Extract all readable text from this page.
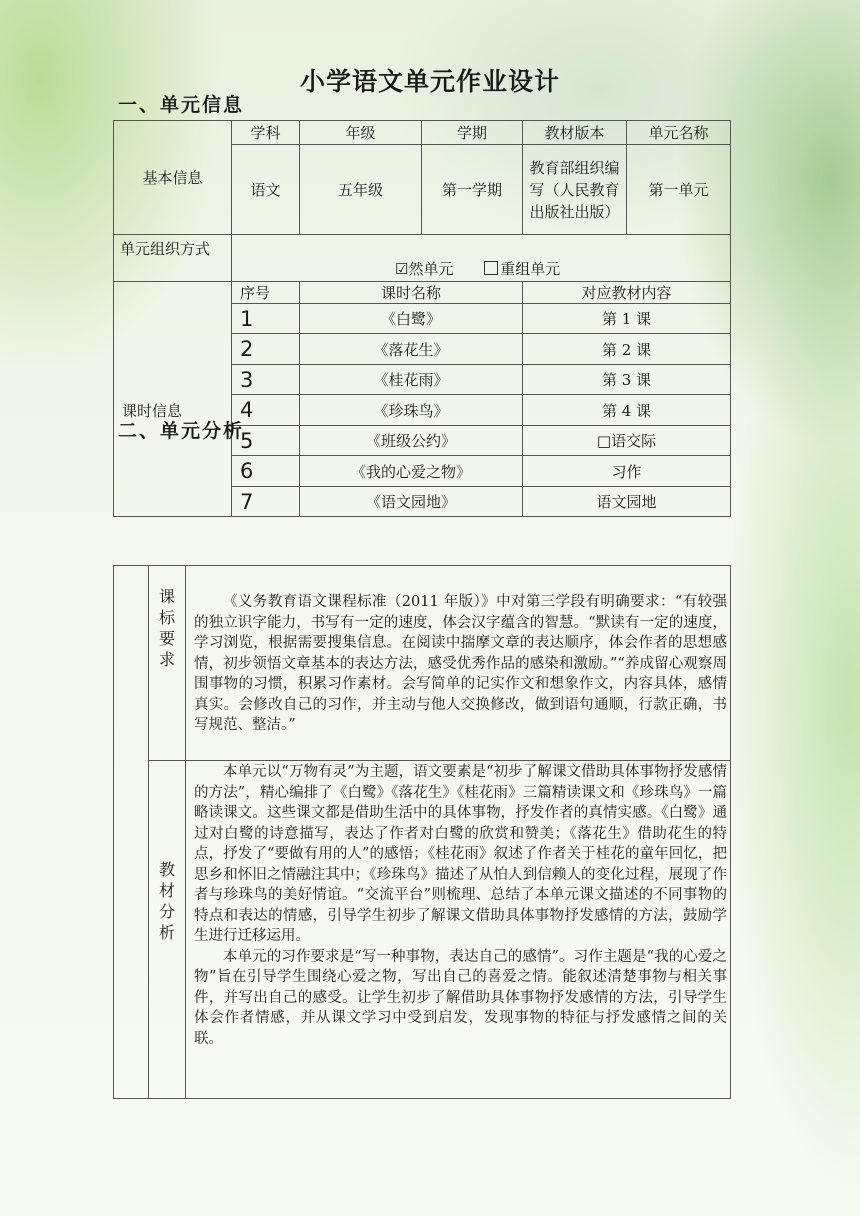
小学语文单元作业设计
一、单元信息
基本信息	学科	年级	学期	教材版本	单元名称
	语文	五年级	第一学期	教育部组织编写（人民教育出版社出版）	第一单元
单元组织方式	☑然单元 重组单元				
课时信息	序号	课时名称		对应教材内容	
	1	《白鹭》		第 1 课	
	2	《落花生》		第 2 课	
	3	《桂花雨》		第 3 课	
	4	《珍珠鸟》		第 4 课	
	5	《班级公约》		□语交际	
	6	《我的心爱之物》		习作	
	7	《语文园地》		语文园地	
二、单元分析
	课标要求	《义务教育语文课程标准（2011 年版）》中对第三学段有明确要求：“有较强的独立识字能力，书写有一定的速度，体会汉字蕴含的智慧。“默读有一定的速度，学习浏览，根据需要搜集信息。在阅读中揣摩文章的表达顺序，体会作者的思想感情，初步领悟文章基本的表达方法，感受优秀作品的感染和激励。”“养成留心观察周围事物的习惯，积累习作素材。会写简单的记实作文和想象作文，内容具体，感情真实。会修改自己的习作，并主动与他人交换修改，做到语句通顺，行款正确，书写规范、整洁。”

	教材分析	本单元以“万物有灵”为主题，语文要素是“初步了解课文借助具体事物抒发感情的方法”，精心编排了《白鹭》《落花生》《桂花雨》三篇精读课文和《珍珠鸟》一篇略读课文。这些课文都是借助生活中的具体事物，抒发作者的真情实感。《白鹭》通过对白鹭的诗意描写，表达了作者对白鹭的欣赏和赞美；《落花生》借助花生的特点，抒发了“要做有用的人”的感悟；《桂花雨》叙述了作者关于桂花的童年回忆，把思乡和怀旧之情融注其中；《珍珠鸟》描述了从怕人到信赖人的变化过程，展现了作者与珍珠鸟的美好情谊。“交流平台”则梳理、总结了本单元课文描述的不同事物的特点和表达的情感，引导学生初步了解课文借助具体事物抒发感情的方法，鼓励学生进行迁移运用。

本单元的习作要求是“写一种事物，表达自己的感情”。习作主题是“我的心爱之物”旨在引导学生围绕心爱之物，写出自己的喜爱之情。能叙述清楚事物与相关事件，并写出自己的感受。让学生初步了解借助具体事物抒发感情的方法，引导学生体会作者情感，并从课文学习中受到启发，发现事物的特征与抒发感情之间的关联。
